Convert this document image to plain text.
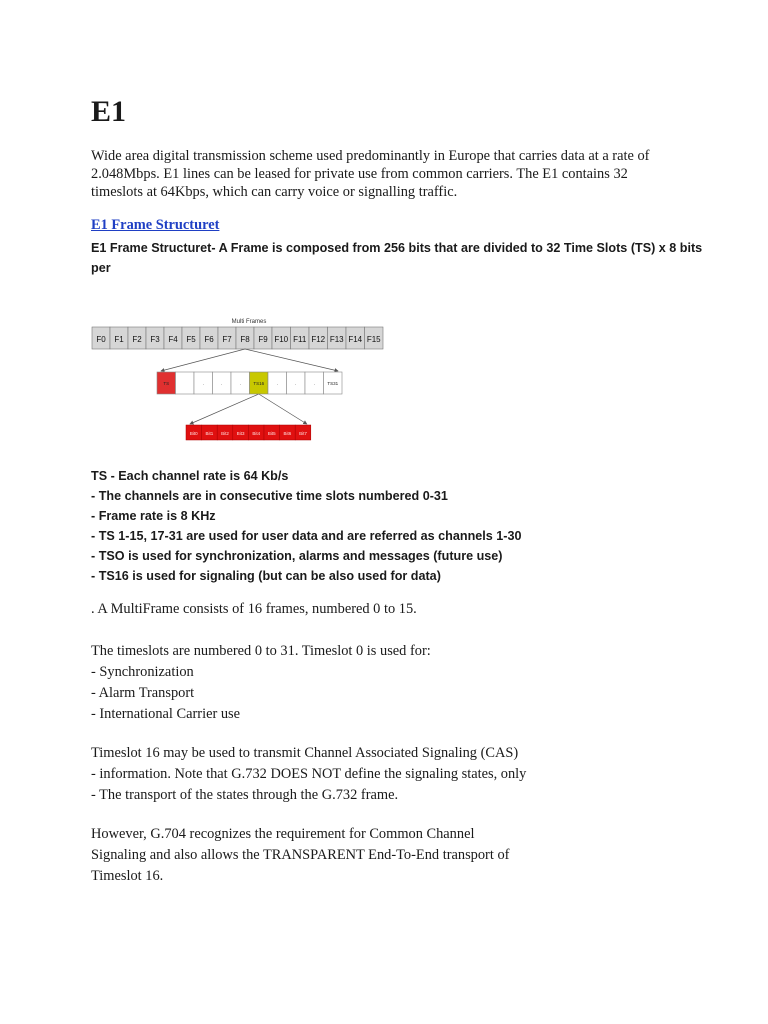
E1

Wide area digital transmission scheme used predominantly in Europe that carries data at a rate of
2.048Mbps. E1 lines can be leased for private use from common carriers. The E1 contains 32
timeslots at 64Kbps, which can carry voice or signalling traffic.

E1 Frame Structuret

E1 Frame Structuret- A Frame is composed from 256 bits that are divided to 32 Time Slots (TS) x 8 bits
per

Multi Frames
F0 F1 F2 F3 F4 F5 F6 F7 F8 F9 F10 F11 F12 F13 F14 F15
TS	.	.	.	TS16	.	.	.	TS31
Bit0 Bit1 Bit2 Bit3 Bit4 Bit5 Bit6 Bit7
TS - Each channel rate is 64 Kb/s
- The channels are in consecutive time slots numbered 0-31
- Frame rate is 8 KHz
- TS 1-15, 17-31 are used for user data and are referred as channels 1-30
- TSO is used for synchronization, alarms and messages (future use)
- TS16 is used for signaling (but can be also used for data)

. A MultiFrame consists of 16 frames, numbered 0 to 15.

The timeslots are numbered 0 to 31. Timeslot 0 is used for:
- Synchronization
- Alarm Transport
- International Carrier use

Timeslot 16 may be used to transmit Channel Associated Signaling (CAS)
- information. Note that G.732 DOES NOT define the signaling states, only
- The transport of the states through the G.732 frame.

However, G.704 recognizes the requirement for Common Channel
Signaling and also allows the TRANSPARENT End-To-End transport of
Timeslot 16.
